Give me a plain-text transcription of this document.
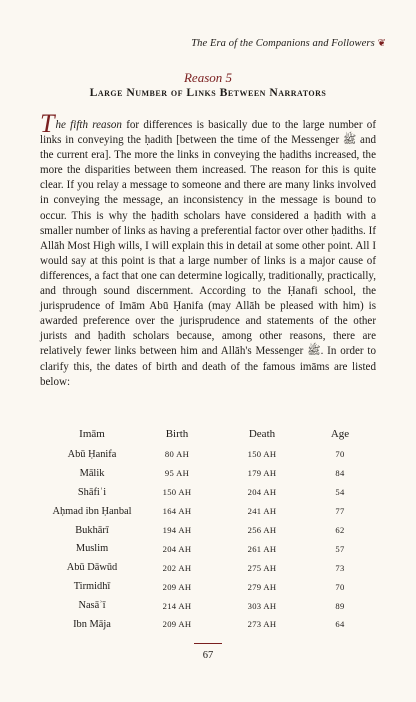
The Era of the Companions and Followers ❦
Reason 5
Large Number of Links Between Narrators

The fifth reason for differences is basically due to the large number of links in conveying the ḥadith [between the time of the Messenger ﷺ and the current era]. The more the links in conveying the ḥadiths increased, the more the disparities between them increased. The reason for this is quite clear. If you relay a message to someone and there are many links involved in conveying the message, an inconsistency in the message is bound to occur. This is why the ḥadith scholars have considered a ḥadith with a smaller number of links as having a preferential factor over other ḥadiths. If Allāh Most High wills, I will explain this in detail at some other point. All I would say at this point is that a large number of links is a major cause of differences, a fact that one can determine logically, traditionally, practically, and through sound discernment. According to the Ḥanafi school, the jurisprudence of Imām Abū Ḥanifa (may Allāh be pleased with him) is awarded preference over the jurisprudence and statements of the other jurists and ḥadith scholars because, among other reasons, there are relatively fewer links between him and Allāh's Messenger ﷺ. In order to clarify this, the dates of birth and death of the famous imāms are listed below:

Imām	Birth	Death	Age
Abū Ḥanifa	80 AH	150 AH	70
Mālik	95 AH	179 AH	84
Shāfiʿi	150 AH	204 AH	54
Aḥmad ibn Ḥanbal	164 AH	241 AH	77
Bukhārī	194 AH	256 AH	62
Muslim	204 AH	261 AH	57
Abū Dāwūd	202 AH	275 AH	73
Tirmidhī	209 AH	279 AH	70
Nasāʾī	214 AH	303 AH	89
Ibn Māja	209 AH	273 AH	64
67
